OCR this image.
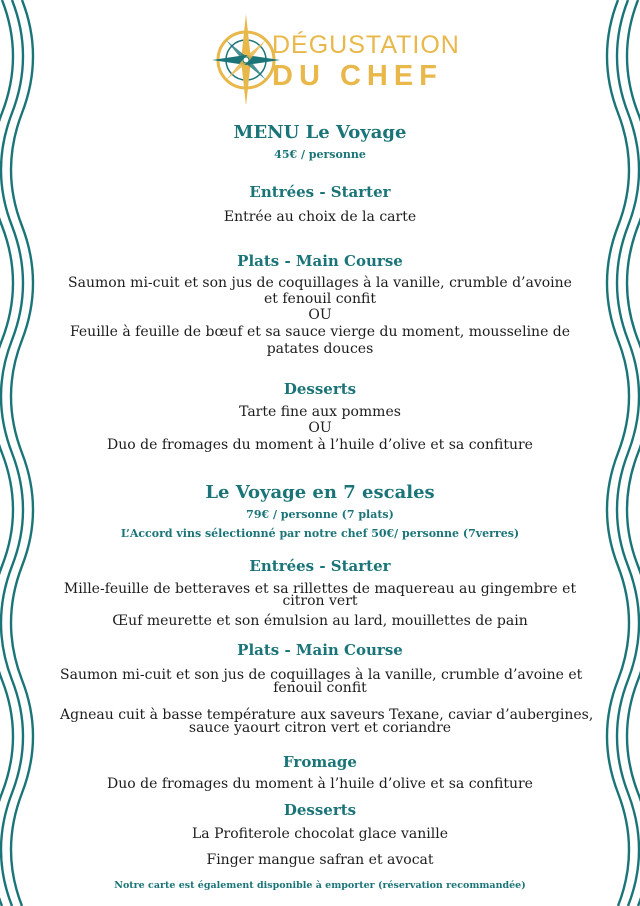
DÉGUSTATION
DU CHEF
MENU Le Voyage
45€ / personne
Entrées - Starter
Entrée au choix de la carte
Plats - Main Course
Saumon mi-cuit et son jus de coquillages à la vanille, crumble d’avoine
et fenouil confit
OU
Feuille à feuille de bœuf et sa sauce vierge du moment, mousseline de
patates douces
Desserts
Tarte fine aux pommes
OU
Duo de fromages du moment à l’huile d’olive et sa confiture
Le Voyage en 7 escales
79€ / personne (7 plats)
L’Accord vins sélectionné par notre chef 50€/ personne (7verres)
Entrées - Starter
Mille-feuille de betteraves et sa rillettes de maquereau au gingembre et
citron vert
Œuf meurette et son émulsion au lard, mouillettes de pain
Plats - Main Course
Saumon mi-cuit et son jus de coquillages à la vanille, crumble d’avoine et
fenouil confit
Agneau cuit à basse température aux saveurs Texane, caviar d’aubergines,
sauce yaourt citron vert et coriandre
Fromage
Duo de fromages du moment à l’huile d’olive et sa confiture
Desserts
La Profiterole chocolat glace vanille
Finger mangue safran et avocat
Notre carte est également disponible à emporter (réservation recommandée)
